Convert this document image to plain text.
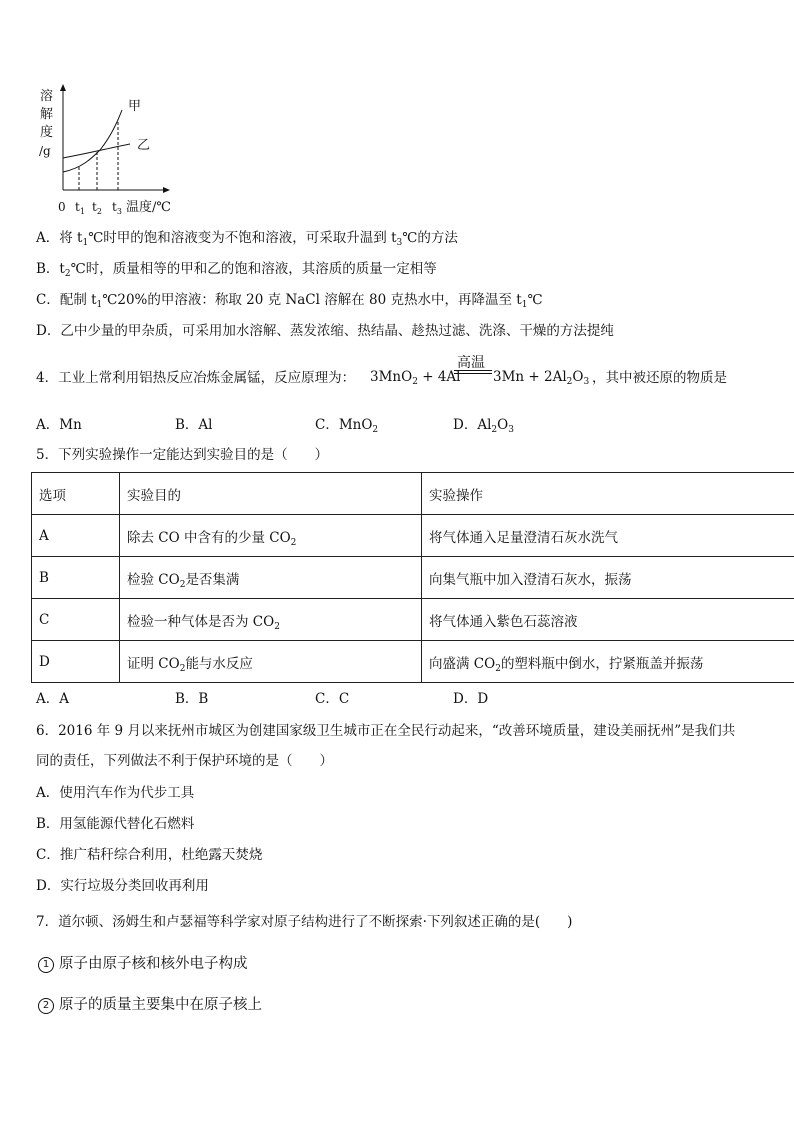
溶
解
度
/g
甲
乙
0 $t_1$ $t_2$ $t_3$ 温度/℃
A．将 $t_1℃$时甲的饱和溶液变为不饱和溶液，可采取升温到 $t_3℃$的方法
B．$t_2℃$时，质量相等的甲和乙的饱和溶液，其溶质的质量一定相等
C．配制 $t_1℃20\%$的甲溶液：称取 20 克 NaCl 溶解在 80 克热水中，再降温至 $t_1℃$
D．乙中少量的甲杂质，可采用加水溶解、蒸发浓缩、热结晶、趁热过滤、洗涤、干燥的方法提纯
4．工业上常利用铝热反应冶炼金属锰，反应原理为： 3MnO$_2$ + 4Al
高温
$3Mn + 2Al_2O_3$ ，其中被还原的物质是
A．Mn	B．Al	C．MnO$_2$	D．$Al_2O_3$
5．下列实验操作一定能达到实验目的是（　　）
选项	实验目的	实验操作
A	除去 CO 中含有的少量 $CO_2$	将气体通入足量澄清石灰水洗气
B	检验 $CO_2$是否集满	向集气瓶中加入澄清石灰水，振荡
C	检验一种气体是否为 $CO_2$	将气体通入紫色石蕊溶液
D	证明 $CO_2$能与水反应	向盛满 $CO_2$的塑料瓶中倒水，拧紧瓶盖并振荡
A．A	B．B	C．C	D．D
6．2016 年 9 月以来抚州市城区为创建国家级卫生城市正在全民行动起来，“改善环境质量，建设美丽抚州”是我们共
同的责任，下列做法不利于保护环境的是（　　）
A．使用汽车作为代步工具
B．用氢能源代替化石燃料
C．推广秸秆综合利用，杜绝露天焚烧
D．实行垃圾分类回收再利用
7．道尔顿、汤姆生和卢瑟福等科学家对原子结构进行了不断探索·下列叙述正确的是(　　)
1 原子由原子核和核外电子构成
2 原子的质量主要集中在原子核上
